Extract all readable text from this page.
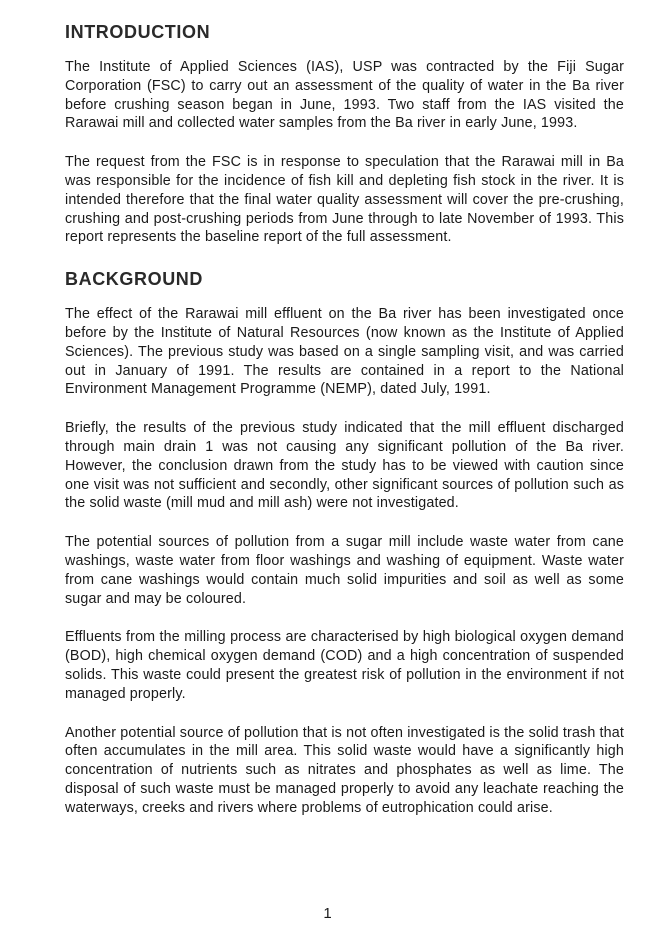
INTRODUCTION

The Institute of Applied Sciences (IAS), USP was contracted by the Fiji Sugar Corporation (FSC) to carry out an assessment of the quality of water in the Ba river before crushing season began in June, 1993. Two staff from the IAS visited the Rarawai mill and collected water samples from the Ba river in early June, 1993.

The request from the FSC is in response to speculation that the Rarawai mill in Ba was responsible for the incidence of fish kill and depleting fish stock in the river. It is intended therefore that the final water quality assessment will cover the pre-crushing, crushing and post-crushing periods from June through to late November of 1993. This report represents the baseline report of the full assessment.

BACKGROUND

The effect of the Rarawai mill effluent on the Ba river has been investigated once before by the Institute of Natural Resources (now known as the Institute of Applied Sciences). The previous study was based on a single sampling visit, and was carried out in January of 1991. The results are contained in a report to the National Environment Management Programme (NEMP), dated July, 1991.

Briefly, the results of the previous study indicated that the mill effluent discharged through main drain 1 was not causing any significant pollution of the Ba river. However, the conclusion drawn from the study has to be viewed with caution since one visit was not sufficient and secondly, other significant sources of pollution such as the solid waste (mill mud and mill ash) were not investigated.

The potential sources of pollution from a sugar mill include waste water from cane washings, waste water from floor washings and washing of equipment. Waste water from cane washings would contain much solid impurities and soil as well as some sugar and may be coloured.

Effluents from the milling process are characterised by high biological oxygen demand (BOD), high chemical oxygen demand (COD) and a high concentration of suspended solids. This waste could present the greatest risk of pollution in the environment if not managed properly.

Another potential source of pollution that is not often investigated is the solid trash that often accumulates in the mill area. This solid waste would have a significantly high concentration of nutrients such as nitrates and phosphates as well as lime. The disposal of such waste must be managed properly to avoid any leachate reaching the waterways, creeks and rivers where problems of eutrophication could arise.

1
